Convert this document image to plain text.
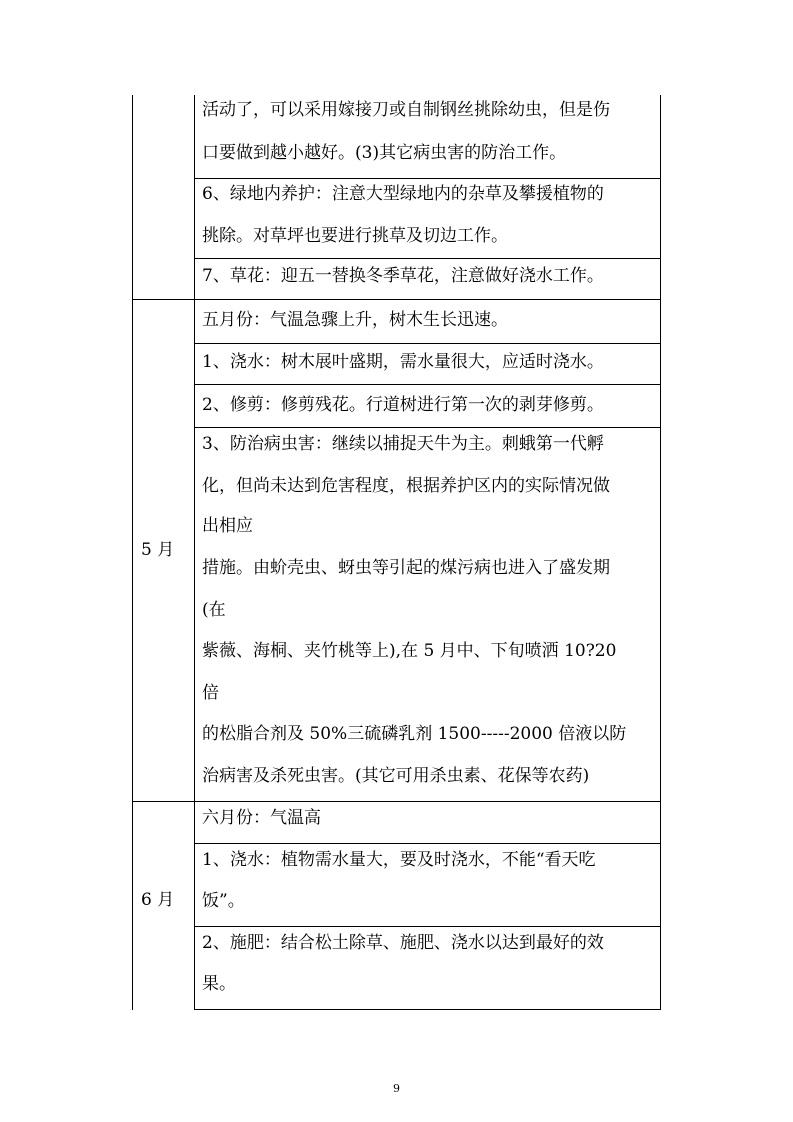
活动了，可以采用嫁接刀或自制钢丝挑除幼虫，但是伤
口要做到越小越好。(3)其它病虫害的防治工作。
6、绿地内养护：注意大型绿地内的杂草及攀援植物的
挑除。对草坪也要进行挑草及切边工作。
7、草花：迎五一替换冬季草花，注意做好浇水工作。
五月份：气温急骤上升，树木生长迅速。
1、浇水：树木展叶盛期，需水量很大，应适时浇水。
2、修剪：修剪残花。行道树进行第一次的剥芽修剪。
3、防治病虫害：继续以捕捉天牛为主。刺蛾第一代孵
化，但尚未达到危害程度，根据养护区内的实际情况做
出相应
措施。由蚧壳虫、蚜虫等引起的煤污病也进入了盛发期
(在
紫薇、海桐、夹竹桃等上),在 5 月中、下旬喷洒 10?20
倍
的松脂合剂及 50%三硫磷乳剂 1500-----2000 倍液以防
治病害及杀死虫害。(其它可用杀虫素、花保等农药)
六月份：气温高
1、浇水：植物需水量大，要及时浇水，不能“看天吃
饭”。
2、施肥：结合松土除草、施肥、浇水以达到最好的效
果。
5 月
6 月
9
